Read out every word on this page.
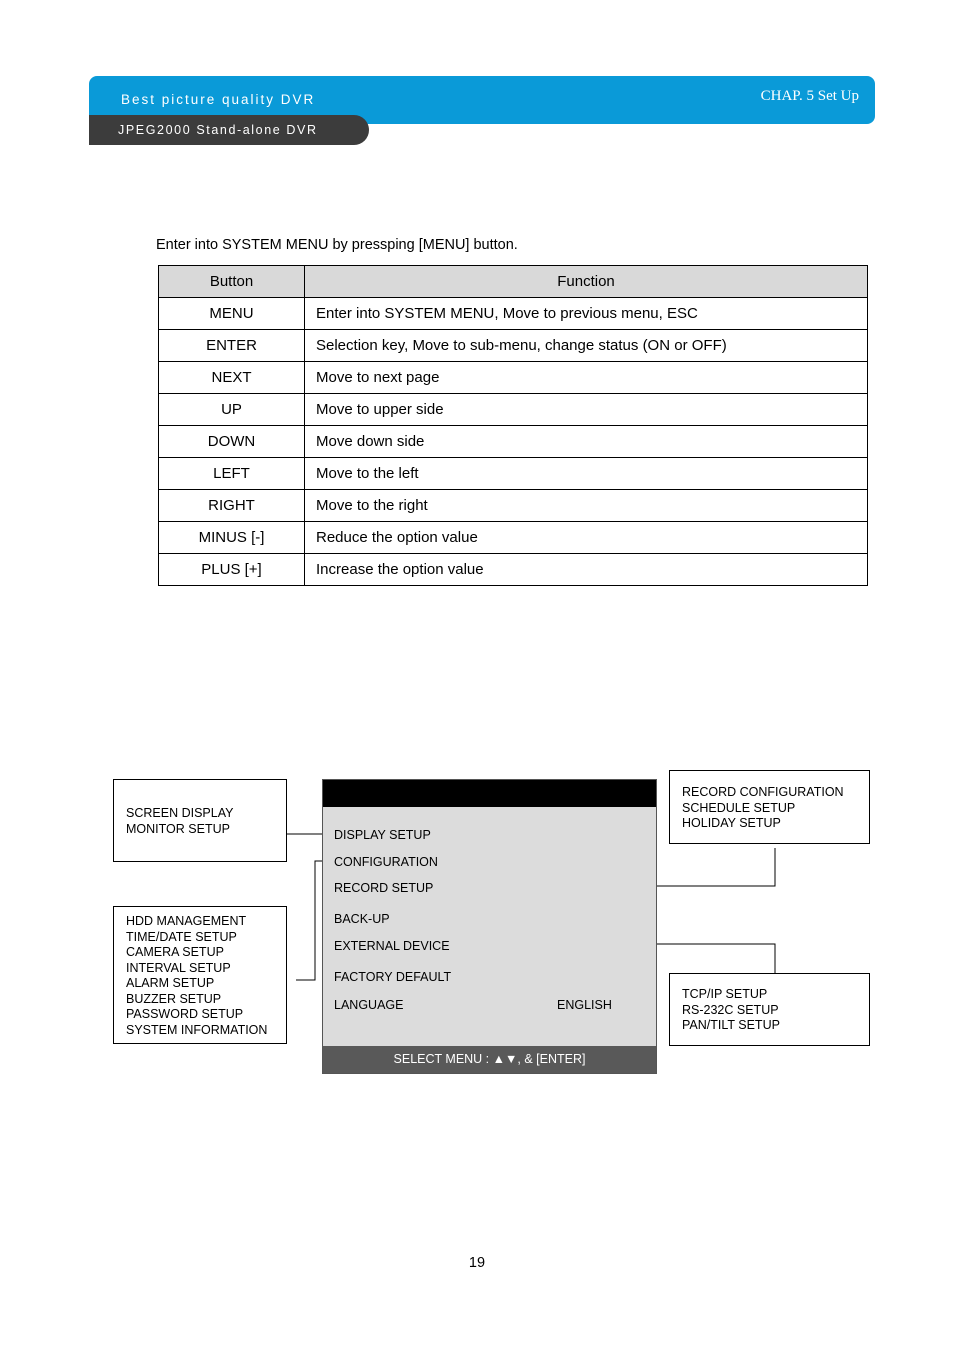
Best picture quality DVR	CHAP. 5 Set Up
JPEG2000 Stand-alone DVR
Enter into SYSTEM MENU by pressping [MENU] button.
Button	Function
MENU	Enter into SYSTEM MENU, Move to previous menu, ESC
ENTER	Selection key, Move to sub-menu, change status (ON or OFF)
NEXT	Move to next page
UP	Move to upper side
DOWN	Move down side
LEFT	Move to the left
RIGHT	Move to the right
MINUS [-]	Reduce the option value
PLUS [+]	Increase the option value
SCREEN DISPLAY
MONITOR SETUP
HDD MANAGEMENT
TIME/DATE SETUP
CAMERA SETUP
INTERVAL SETUP
ALARM SETUP
BUZZER SETUP
PASSWORD SETUP
SYSTEM INFORMATION
RECORD CONFIGURATION
SCHEDULE SETUP
HOLIDAY SETUP
TCP/IP SETUP
RS-232C SETUP
PAN/TILT SETUP
DISPLAY SETUP
CONFIGURATION
RECORD SETUP
BACK-UP
EXTERNAL DEVICE
FACTORY DEFAULT
LANGUAGE	ENGLISH
SELECT MENU : ▲▼, & [ENTER]
19
